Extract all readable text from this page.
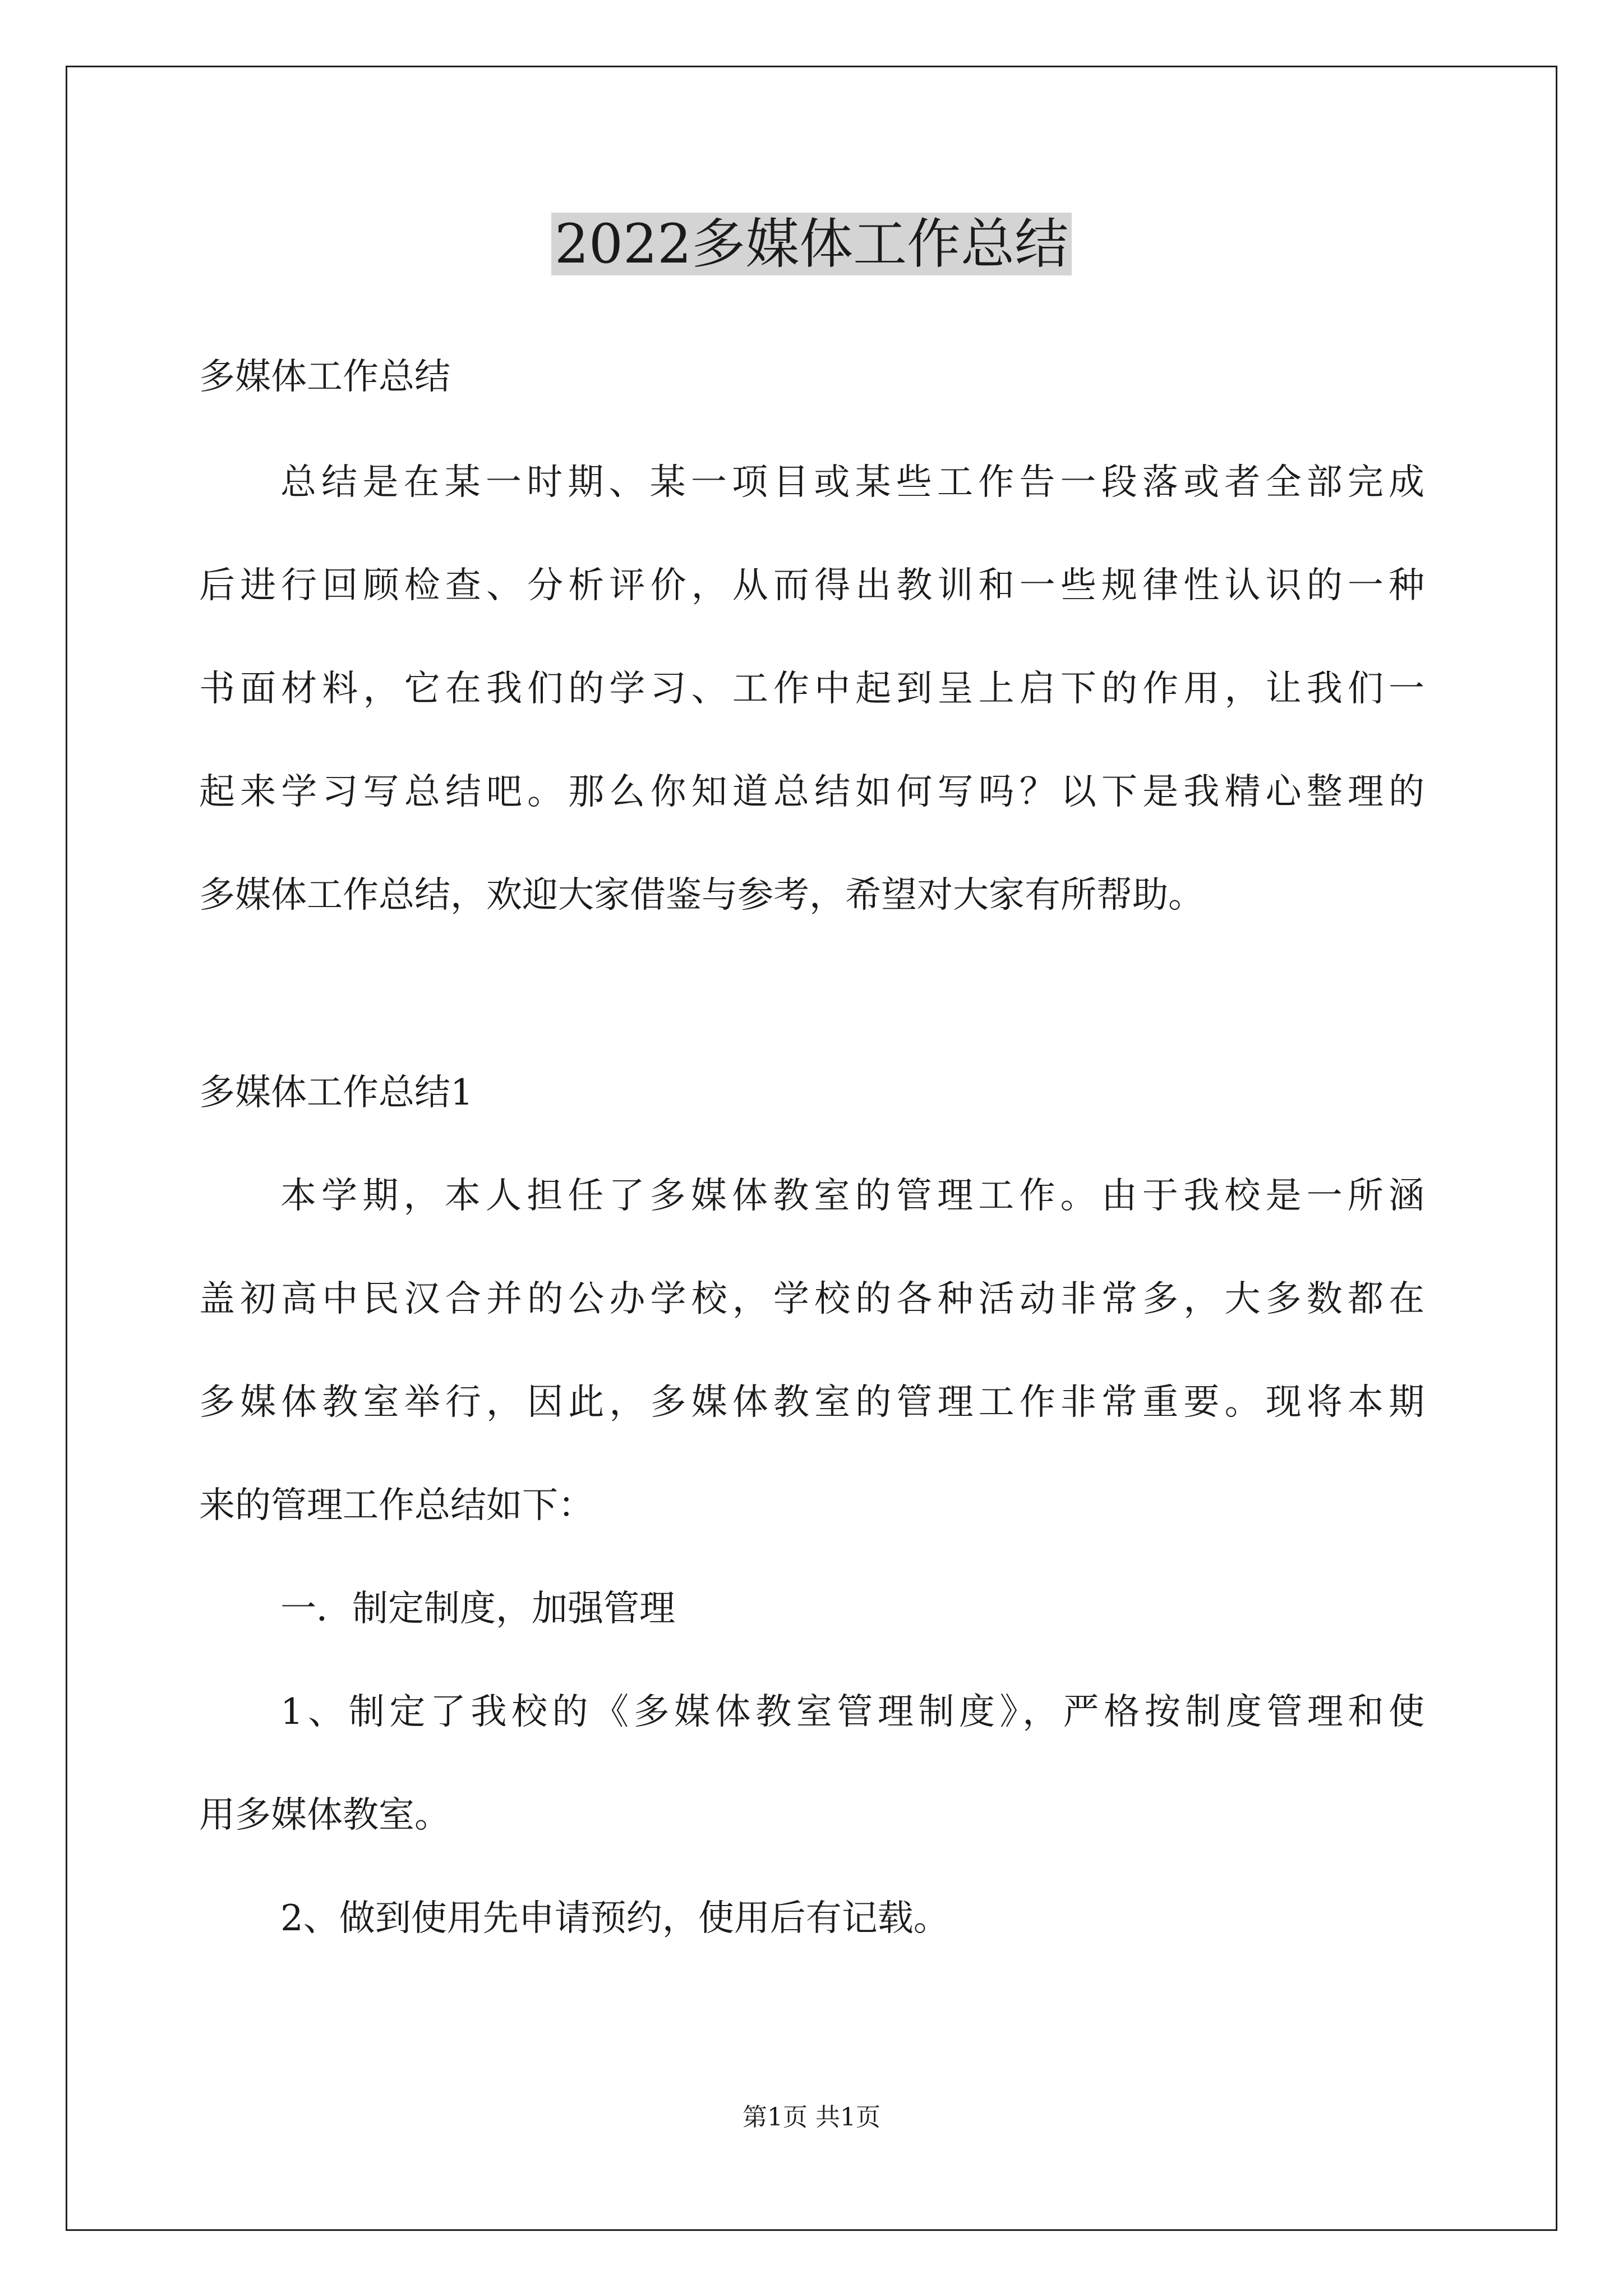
2022多媒体工作总结
多媒体工作总结
总结是在某一时期、某一项目或某些工作告一段落或者全部完成
后进行回顾检查、分析评价，从而得出教训和一些规律性认识的一种
书面材料，它在我们的学习、工作中起到呈上启下的作用，让我们一
起来学习写总结吧。那么你知道总结如何写吗？以下是我精心整理的
多媒体工作总结，欢迎大家借鉴与参考，希望对大家有所帮助。
多媒体工作总结1
本学期，本人担任了多媒体教室的管理工作。由于我校是一所涵
盖初高中民汉合并的公办学校，学校的各种活动非常多，大多数都在
多媒体教室举行，因此，多媒体教室的管理工作非常重要。现将本期
来的管理工作总结如下：
一．制定制度，加强管理
1、制定了我校的《多媒体教室管理制度》，严格按制度管理和使
用多媒体教室。
2、做到使用先申请预约，使用后有记载。
第1页 共1页
